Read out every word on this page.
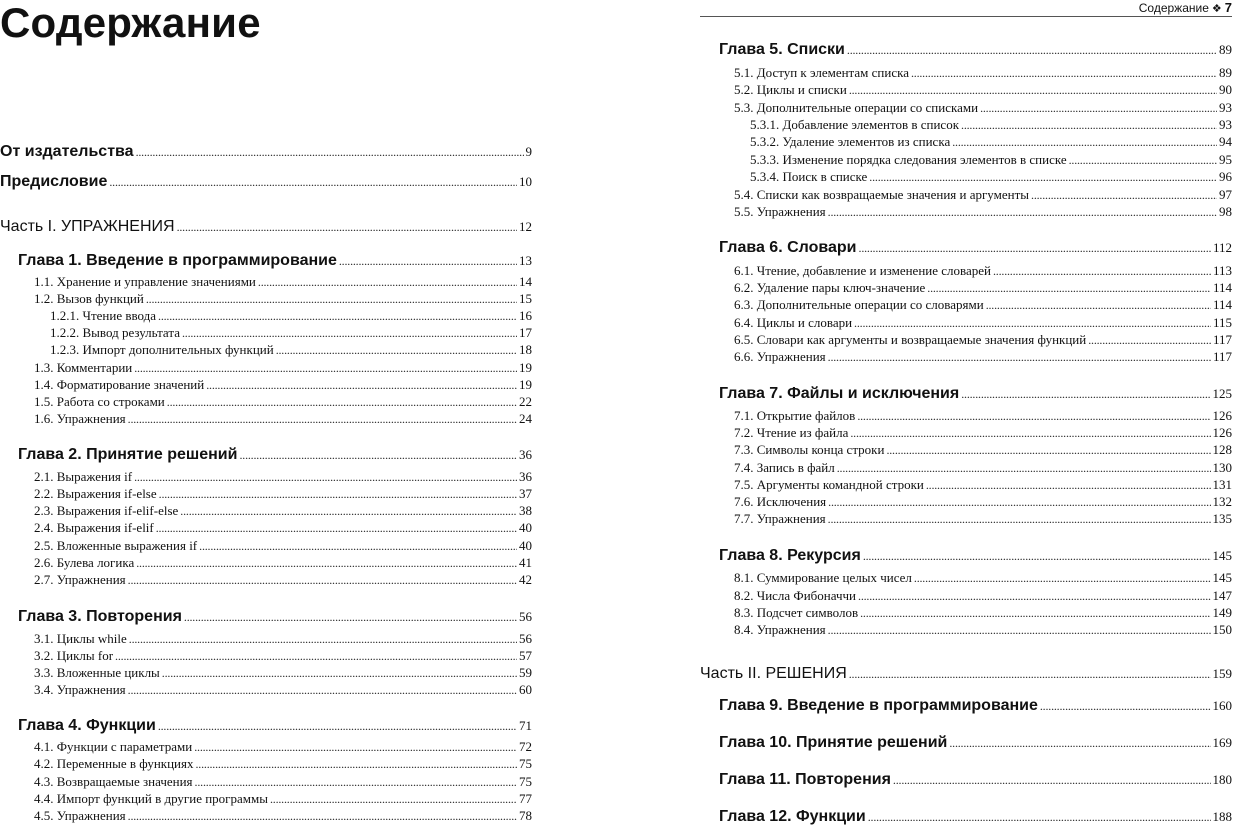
Содержание
От издательства . . .	9
Предисловие . . .	10
Часть I. УПРАЖНЕНИЯ . . .	12
Глава 1. Введение в программирование . . .	13
1.1. Хранение и управление значениями . . .	14
1.2. Вызов функций . . .	15
1.2.1. Чтение ввода . . .	16
1.2.2. Вывод результата . . .	17
1.2.3. Импорт дополнительных функций . . .	18
1.3. Комментарии . . .	19
1.4. Форматирование значений . . .	19
1.5. Работа со строками . . .	22
1.6. Упражнения . . .	24
Глава 2. Принятие решений . . .	36
2.1. Выражения if . . .	36
2.2. Выражения if-else . . .	37
2.3. Выражения if-elif-else . . .	38
2.4. Выражения if-elif . . .	40
2.5. Вложенные выражения if . . .	40
2.6. Булева логика . . .	41
2.7. Упражнения . . .	42
Глава 3. Повторения . . .	56
3.1. Циклы while . . .	56
3.2. Циклы for . . .	57
3.3. Вложенные циклы . . .	59
3.4. Упражнения . . .	60
Глава 4. Функции . . .	71
4.1. Функции с параметрами . . .	72
4.2. Переменные в функциях . . .	75
4.3. Возвращаемые значения . . .	75
4.4. Импорт функций в другие программы . . .	77
4.5. Упражнения . . .	78
Содержание ❖ 7
Глава 5. Списки . . .	89
5.1. Доступ к элементам списка . . .	89
5.2. Циклы и списки . . .	90
5.3. Дополнительные операции со списками . . .	93
5.3.1. Добавление элементов в список . . .	93
5.3.2. Удаление элементов из списка . . .	94
5.3.3. Изменение порядка следования элементов в списке . . .	95
5.3.4. Поиск в списке . . .	96
5.4. Списки как возвращаемые значения и аргументы . . .	97
5.5. Упражнения . . .	98
Глава 6. Словари . . .	112
6.1. Чтение, добавление и изменение словарей . . .	113
6.2. Удаление пары ключ-значение . . .	114
6.3. Дополнительные операции со словарями . . .	114
6.4. Циклы и словари . . .	115
6.5. Словари как аргументы и возвращаемые значения функций . . .	117
6.6. Упражнения . . .	117
Глава 7. Файлы и исключения . . .	125
7.1. Открытие файлов . . .	126
7.2. Чтение из файла . . .	126
7.3. Символы конца строки . . .	128
7.4. Запись в файл . . .	130
7.5. Аргументы командной строки . . .	131
7.6. Исключения . . .	132
7.7. Упражнения . . .	135
Глава 8. Рекурсия . . .	145
8.1. Суммирование целых чисел . . .	145
8.2. Числа Фибоначчи . . .	147
8.3. Подсчет символов . . .	149
8.4. Упражнения . . .	150
Часть II. РЕШЕНИЯ . . .	159
Глава 9. Введение в программирование . . .	160
Глава 10. Принятие решений . . .	169
Глава 11. Повторения . . .	180
Глава 12. Функции . . .	188
